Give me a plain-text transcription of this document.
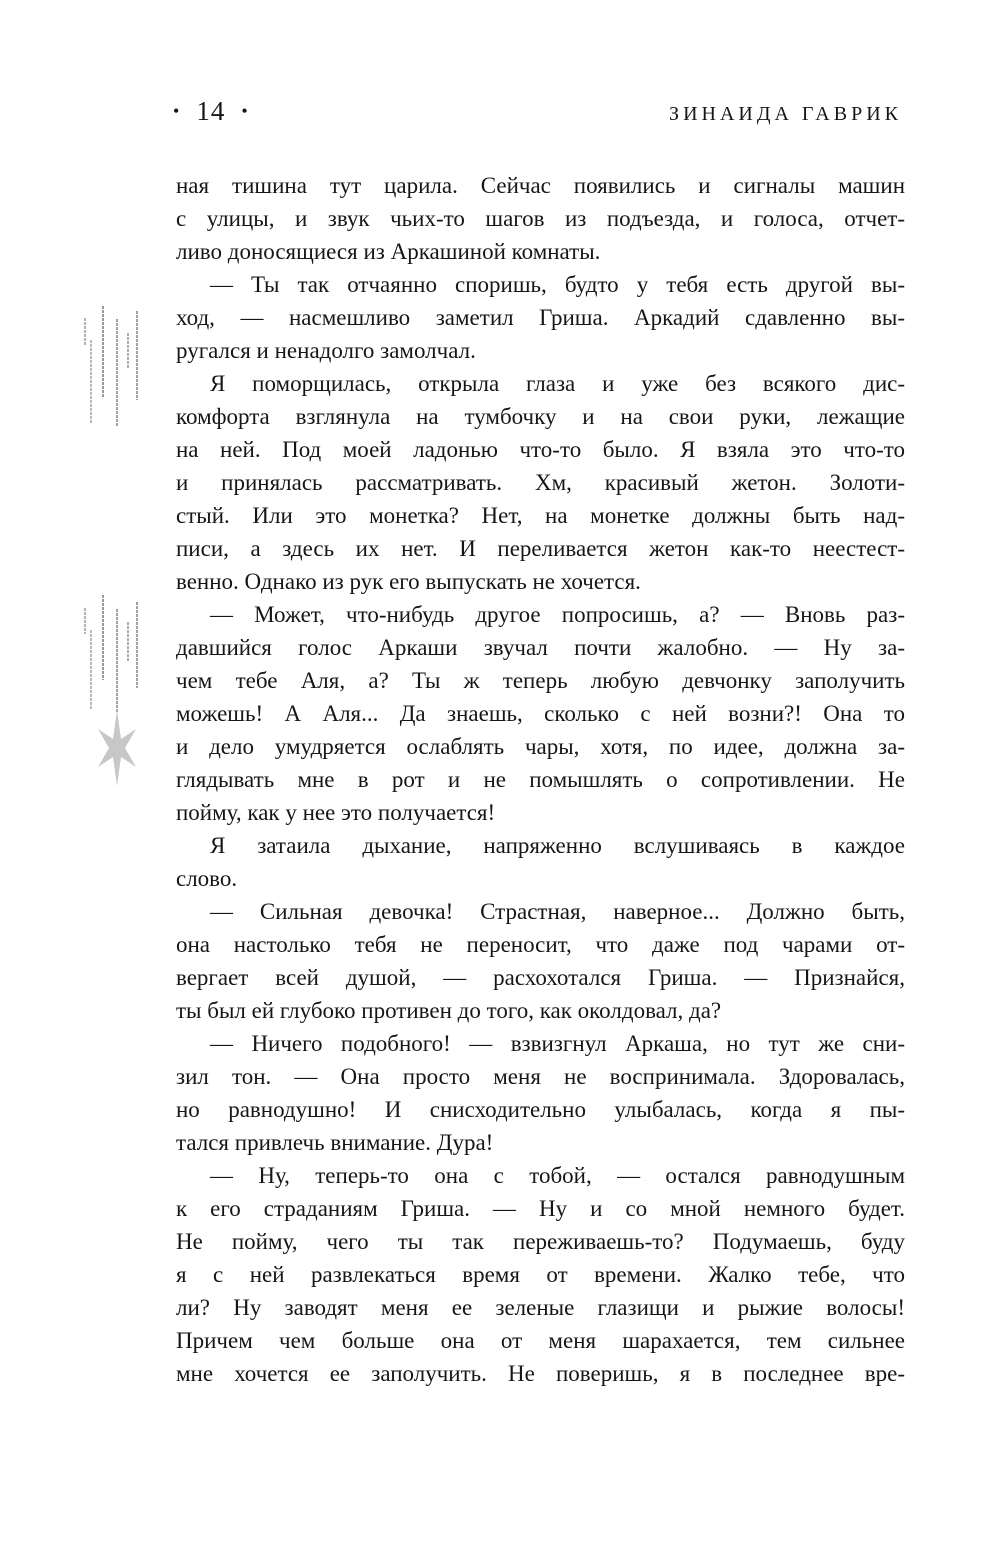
• 14 •	ЗИНАИДА ГАВРИК
ная тишина тут царила. Сейчас появились и сигналы машин
с улицы, и звук чьих-то шагов из подъезда, и голоса, отчет-
ливо доносящиеся из Аркашиной комнаты.
— Ты так отчаянно споришь, будто у тебя есть другой вы-
ход, — насмешливо заметил Гриша. Аркадий сдавленно вы-
ругался и ненадолго замолчал.
Я поморщилась, открыла глаза и уже без всякого дис-
комфорта взглянула на тумбочку и на свои руки, лежащие
на ней. Под моей ладонью что-то было. Я взяла это что-то
и принялась рассматривать. Хм, красивый жетон. Золоти-
стый. Или это монетка? Нет, на монетке должны быть над-
писи, а здесь их нет. И переливается жетон как-то неестест-
венно. Однако из рук его выпускать не хочется.
— Может, что-нибудь другое попросишь, а? — Вновь раз-
давшийся голос Аркаши звучал почти жалобно. — Ну за-
чем тебе Аля, а? Ты ж теперь любую девчонку заполучить
можешь! А Аля... Да знаешь, сколько с ней возни?! Она то
и дело умудряется ослаблять чары, хотя, по идее, должна за-
глядывать мне в рот и не помышлять о сопротивлении. Не
пойму, как у нее это получается!
Я затаила дыхание, напряженно вслушиваясь в каждое
слово.
— Сильная девочка! Страстная, наверное... Должно быть,
она настолько тебя не переносит, что даже под чарами от-
вергает всей душой, — расхохотался Гриша. — Признайся,
ты был ей глубоко противен до того, как околдовал, да?
— Ничего подобного! — взвизгнул Аркаша, но тут же сни-
зил тон. — Она просто меня не воспринимала. Здоровалась,
но равнодушно! И снисходительно улыбалась, когда я пы-
тался привлечь внимание. Дура!
— Ну, теперь-то она с тобой, — остался равнодушным
к его страданиям Гриша. — Ну и со мной немного будет.
Не пойму, чего ты так переживаешь-то? Подумаешь, буду
я с ней развлекаться время от времени. Жалко тебе, что
ли? Ну заводят меня ее зеленые глазищи и рыжие волосы!
Причем чем больше она от меня шарахается, тем сильнее
мне хочется ее заполучить. Не поверишь, я в последнее вре-
